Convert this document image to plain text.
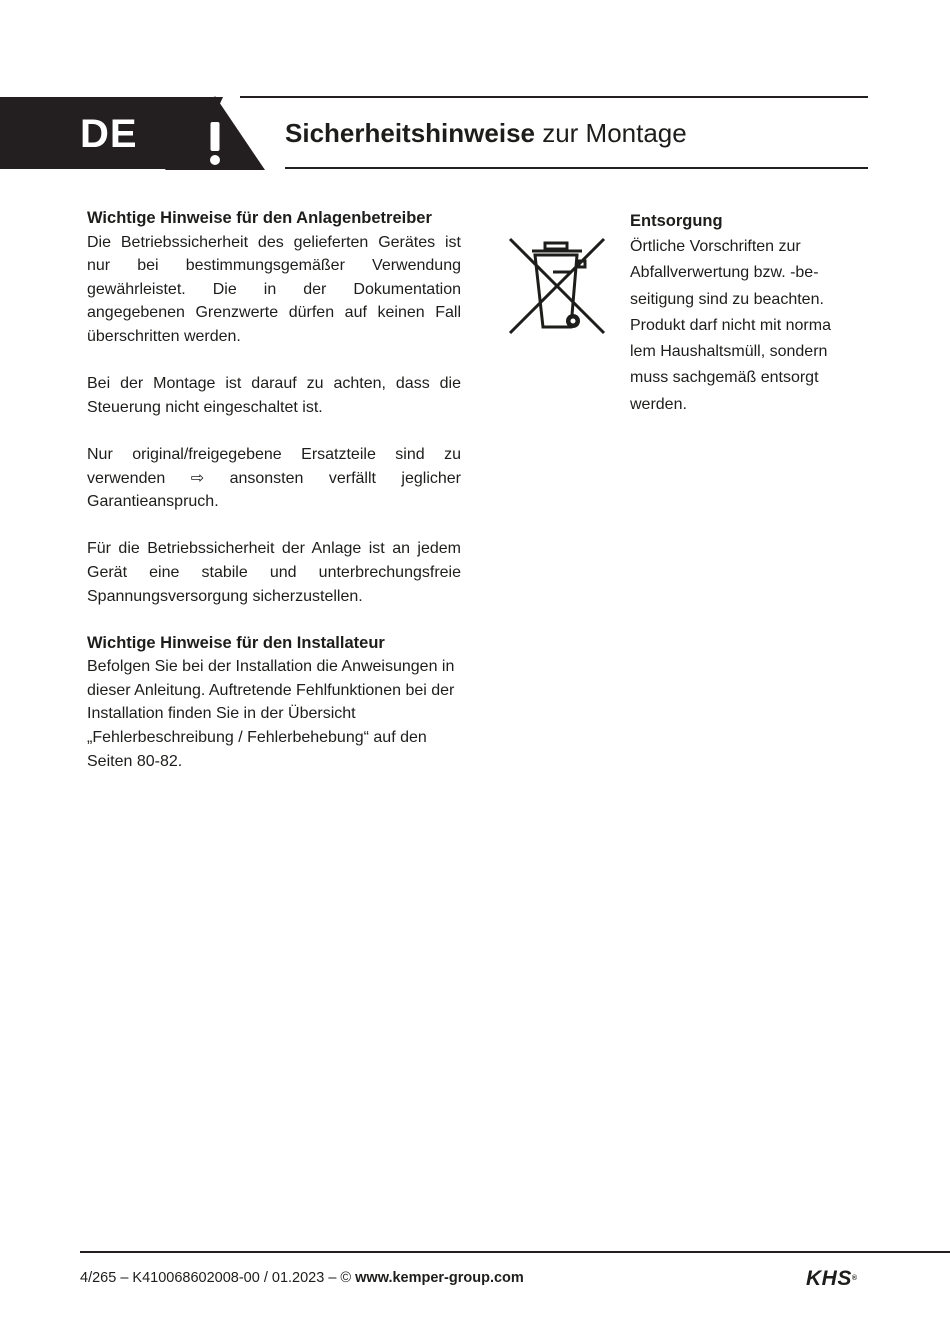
DE	Sicherheitshinweise zur Montage
Wichtige Hinweise für den Anlagenbetreiber

Die Betriebssicherheit des gelieferten Gerätes ist nur bei bestimmungsgemäßer Verwendung gewährleistet. Die in der Dokumentation angegebenen Grenzwerte dürfen auf keinen Fall überschritten werden.

Bei der Montage ist darauf zu achten, dass die Steuerung nicht eingeschaltet ist.

Nur original/freigegebene Ersatzteile sind zu verwenden ⇨ ansonsten verfällt jeglicher Garantieanspruch.

Für die Betriebssicherheit der Anlage ist an jedem Gerät eine stabile und unterbrechungsfreie Spannungsversorgung sicherzustellen.

Wichtige Hinweise für den Installateur

Befolgen Sie bei der Installation die Anweisungen in dieser Anleitung. Auftretende Fehlfunktionen bei der Installation finden Sie in der Übersicht „Fehlerbeschreibung / Fehlerbehebung“ auf den Seiten 80-82.

Entsorgung
Örtliche Vorschriften zur
Abfallverwertung bzw. -be-
seitigung sind zu beachten.
Produkt darf nicht mit norma
lem Haushaltsmüll, sondern
muss sachgemäß entsorgt
werden.
4/265 – K410068602008-00 / 01.2023 – © www.kemper-group.com	KHS®
